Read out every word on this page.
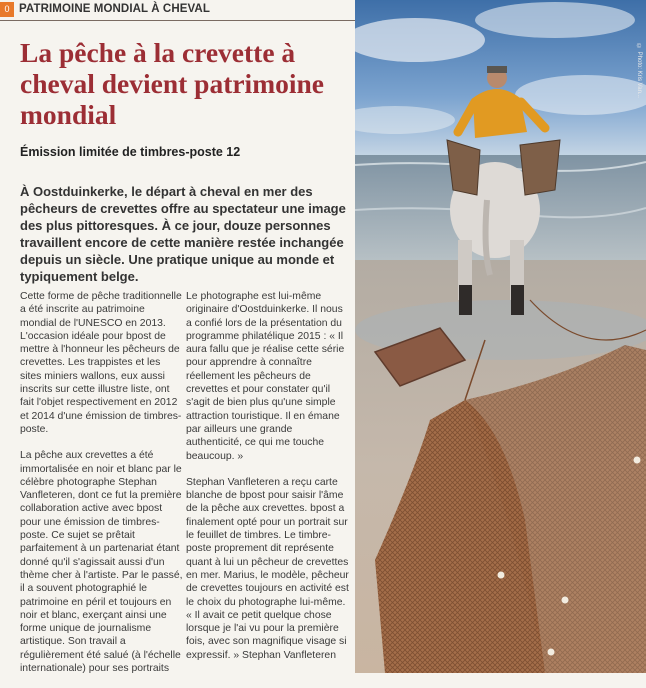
0 PATRIMOINE MONDIAL À CHEVAL
La pêche à la crevette à cheval devient patrimoine mondial

Émission limitée de timbres-poste 12

À Oostduinkerke, le départ à cheval en mer des pêcheurs de crevettes offre au spectateur une image des plus pittoresques. À ce jour, douze personnes travaillent encore de cette manière restée inchangée depuis un siècle. Une pratique unique au monde et typiquement belge.

Cette forme de pêche traditionnelle a été inscrite au patrimoine mondial de l'UNESCO en 2013. L'occasion idéale pour bpost de mettre à l'honneur les pêcheurs de crevettes. Les trappistes et les sites miniers wallons, eux aussi inscrits sur cette illustre liste, ont fait l'objet respectivement en 2012 et 2014 d'une émission de timbres-poste.

La pêche aux crevettes a été immortalisée en noir et blanc par le célèbre photographe Stephan Vanfleteren, dont ce fut la première collaboration active avec bpost pour une émission de timbres-poste. Ce sujet se prêtait parfaitement à un partenariat étant donné qu'il s'agissait aussi d'un thème cher à l'artiste. Par le passé, il a souvent photographié le patrimoine en péril et toujours en noir et blanc, exerçant ainsi une forme unique de journalisme artistique. Son travail a régulièrement été salué (à l'échelle internationale) pour ses portraits

Le photographe est lui-même originaire d'Oostduinkerke. Il nous a confié lors de la présentation du programme philatélique 2015 : « Il aura fallu que je réalise cette série pour apprendre à connaître réellement les pêcheurs de crevettes et pour constater qu'il s'agit de bien plus qu'une simple attraction touristique. Il en émane par ailleurs une grande authenticité, ce qui me touche beaucoup. »

Stephan Vanfleteren a reçu carte blanche de bpost pour saisir l'âme de la pêche aux crevettes. bpost a finalement opté pour un portrait sur le feuillet de timbres. Le timbre-poste proprement dit représente quant à lui un pêcheur de crevettes en mer. Marius, le modèle, pêcheur de crevettes toujours en activité est le choix du photographe lui-même. « Il avait ce petit quelque chose lorsque je l'ai vu pour la première fois, avec son magnifique visage si expressif. » Stephan Vanfleteren

© Photo: Kris Van...
